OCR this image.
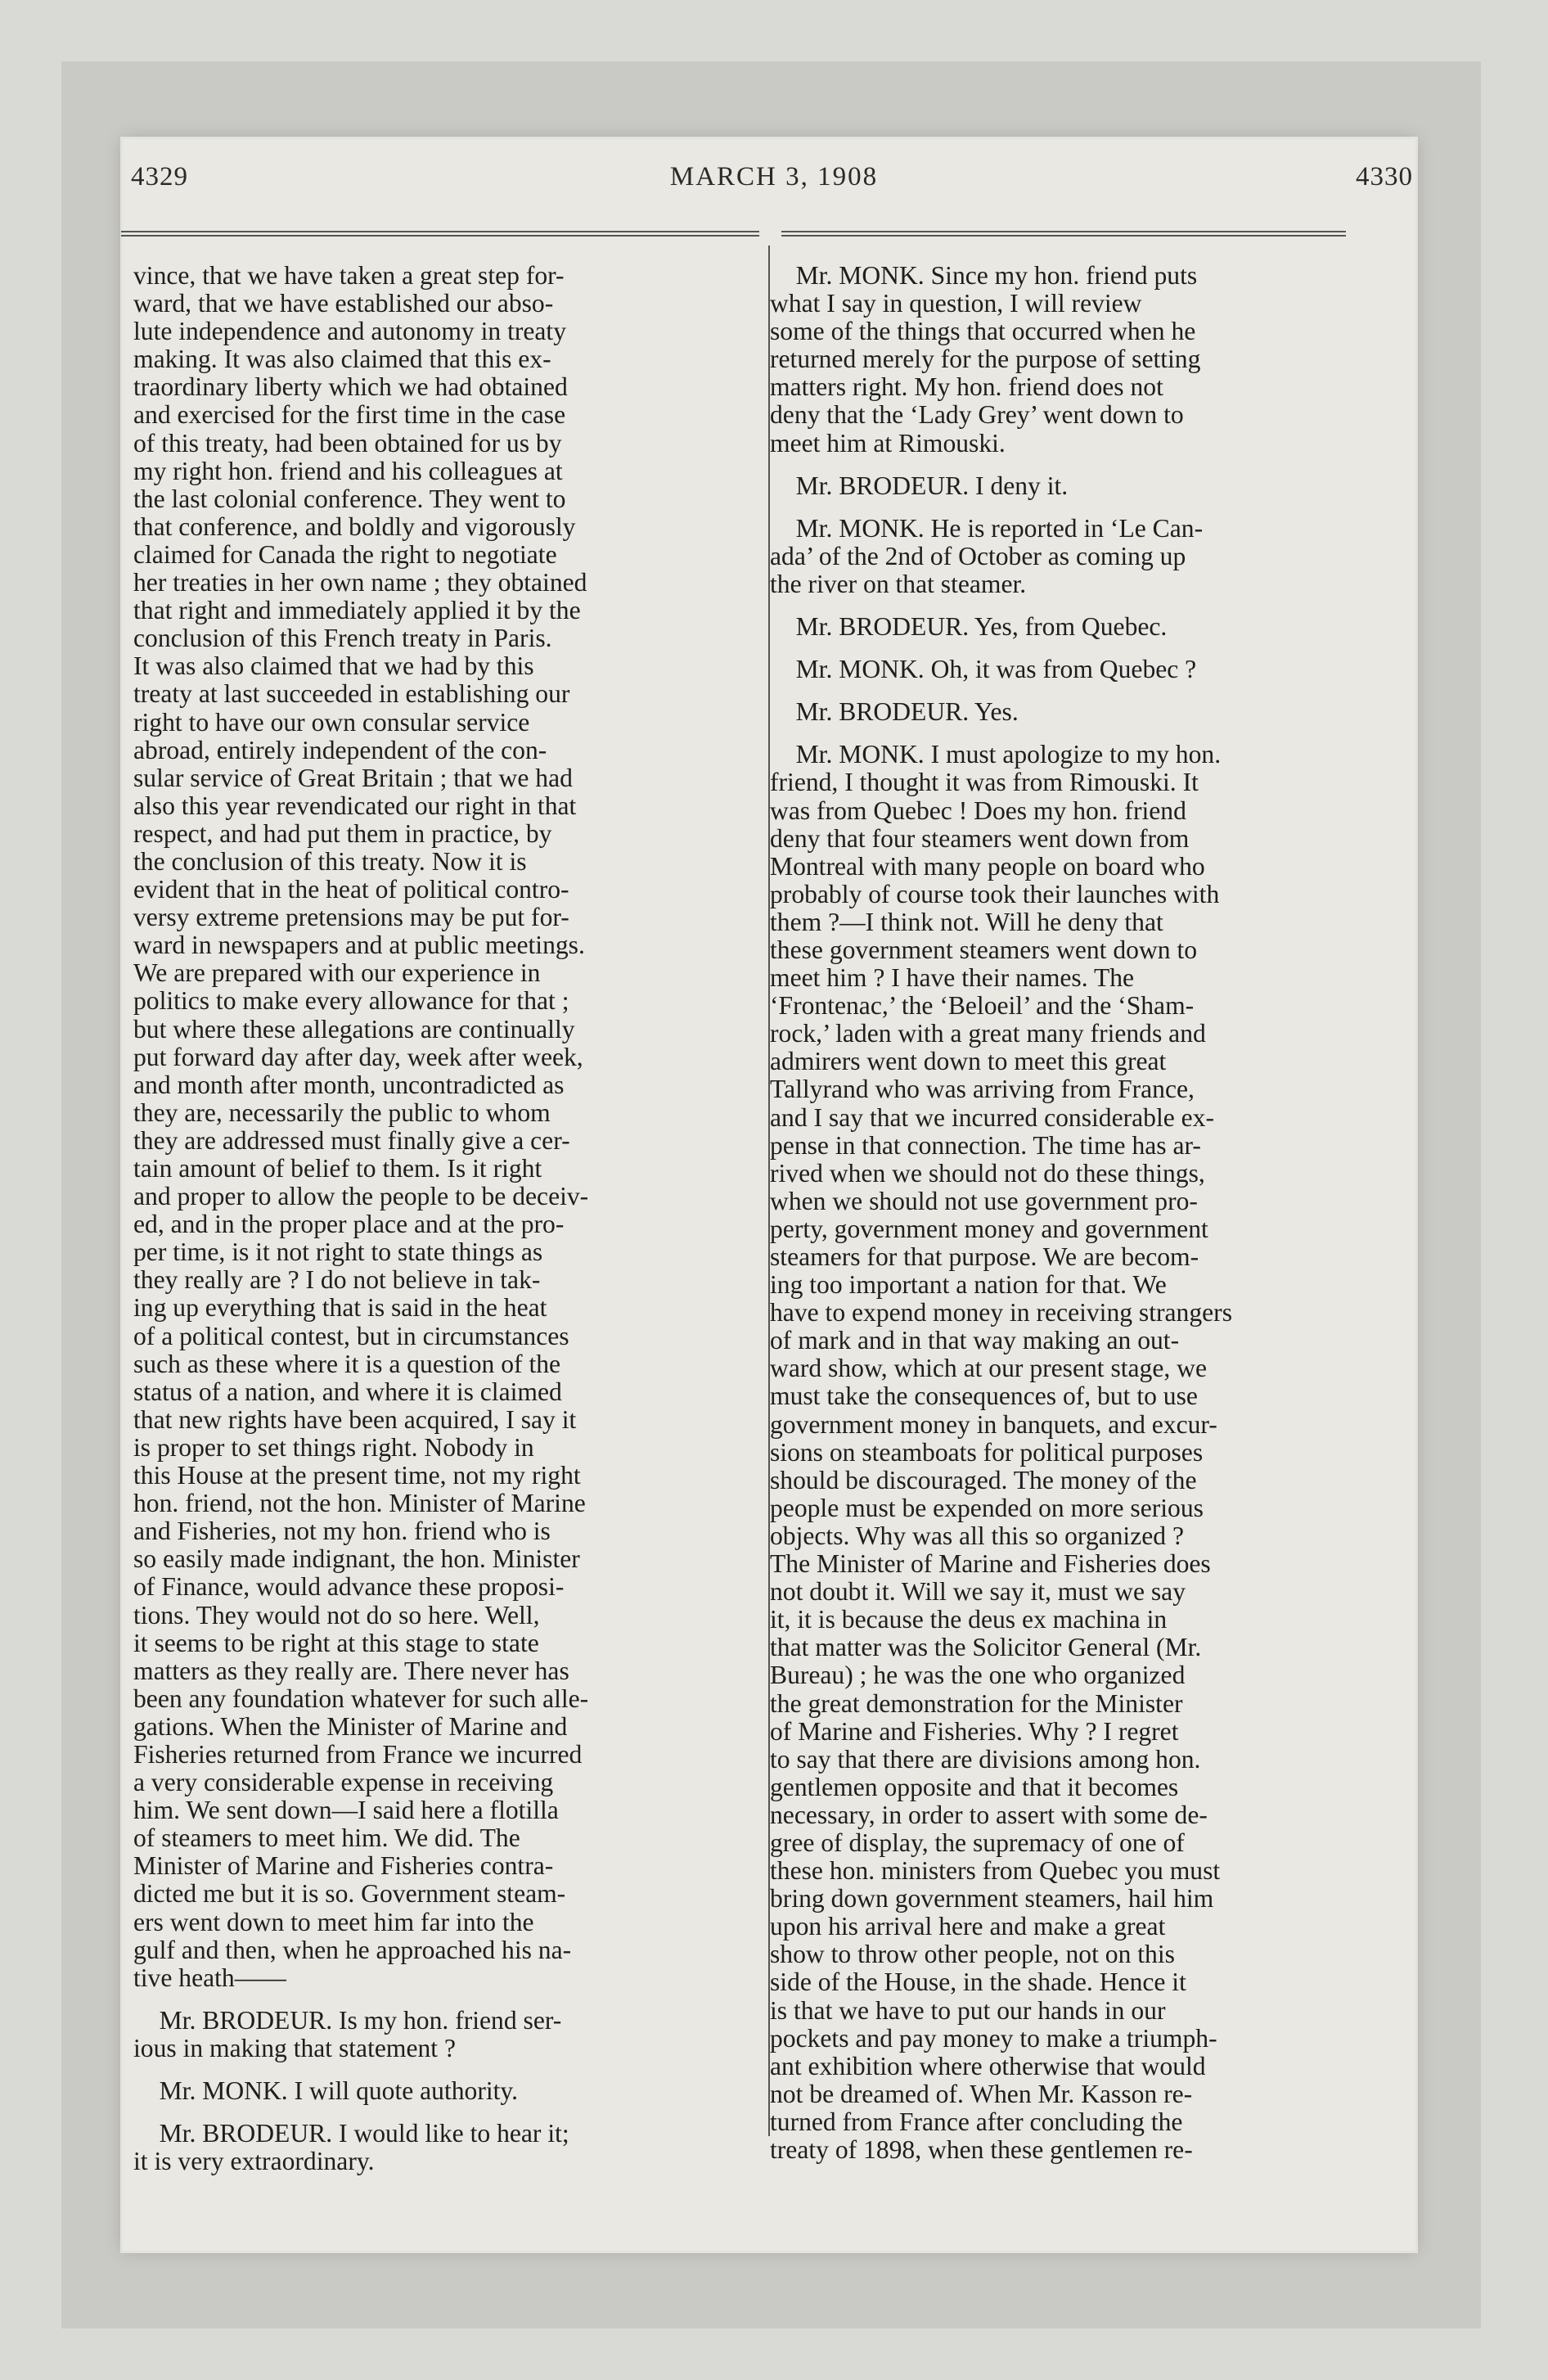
4329	MARCH 3, 1908	4330
vince, that we have taken a great step for-
ward, that we have established our abso-
lute independence and autonomy in treaty
making. It was also claimed that this ex-
traordinary liberty which we had obtained
and exercised for the first time in the case
of this treaty, had been obtained for us by
my right hon. friend and his colleagues at
the last colonial conference. They went to
that conference, and boldly and vigorously
claimed for Canada the right to negotiate
her treaties in her own name ; they obtained
that right and immediately applied it by the
conclusion of this French treaty in Paris.
It was also claimed that we had by this
treaty at last succeeded in establishing our
right to have our own consular service
abroad, entirely independent of the con-
sular service of Great Britain ; that we had
also this year revendicated our right in that
respect, and had put them in practice, by
the conclusion of this treaty. Now it is
evident that in the heat of political contro-
versy extreme pretensions may be put for-
ward in newspapers and at public meetings.
We are prepared with our experience in
politics to make every allowance for that ;
but where these allegations are continually
put forward day after day, week after week,
and month after month, uncontradicted as
they are, necessarily the public to whom
they are addressed must finally give a cer-
tain amount of belief to them. Is it right
and proper to allow the people to be deceiv-
ed, and in the proper place and at the pro-
per time, is it not right to state things as
they really are ? I do not believe in tak-
ing up everything that is said in the heat
of a political contest, but in circumstances
such as these where it is a question of the
status of a nation, and where it is claimed
that new rights have been acquired, I say it
is proper to set things right. Nobody in
this House at the present time, not my right
hon. friend, not the hon. Minister of Marine
and Fisheries, not my hon. friend who is
so easily made indignant, the hon. Minister
of Finance, would advance these proposi-
tions. They would not do so here. Well,
it seems to be right at this stage to state
matters as they really are. There never has
been any foundation whatever for such alle-
gations. When the Minister of Marine and
Fisheries returned from France we incurred
a very considerable expense in receiving
him. We sent down—I said here a flotilla
of steamers to meet him. We did. The
Minister of Marine and Fisheries contra-
dicted me but it is so. Government steam-
ers went down to meet him far into the
gulf and then, when he approached his na-
tive heath——
Mr. BRODEUR. Is my hon. friend ser-
ious in making that statement ?
Mr. MONK. I will quote authority.
Mr. BRODEUR. I would like to hear it;
it is very extraordinary.
Mr. MONK. Since my hon. friend puts
what I say in question, I will review
some of the things that occurred when he
returned merely for the purpose of setting
matters right. My hon. friend does not
deny that the ‘Lady Grey’ went down to
meet him at Rimouski.
Mr. BRODEUR. I deny it.
Mr. MONK. He is reported in ‘Le Can-
ada’ of the 2nd of October as coming up
the river on that steamer.
Mr. BRODEUR. Yes, from Quebec.
Mr. MONK. Oh, it was from Quebec ?
Mr. BRODEUR. Yes.
Mr. MONK. I must apologize to my hon.
friend, I thought it was from Rimouski. It
was from Quebec ! Does my hon. friend
deny that four steamers went down from
Montreal with many people on board who
probably of course took their launches with
them ?—I think not. Will he deny that
these government steamers went down to
meet him ? I have their names. The
‘Frontenac,’ the ‘Beloeil’ and the ‘Sham-
rock,’ laden with a great many friends and
admirers went down to meet this great
Tallyrand who was arriving from France,
and I say that we incurred considerable ex-
pense in that connection. The time has ar-
rived when we should not do these things,
when we should not use government pro-
perty, government money and government
steamers for that purpose. We are becom-
ing too important a nation for that. We
have to expend money in receiving strangers
of mark and in that way making an out-
ward show, which at our present stage, we
must take the consequences of, but to use
government money in banquets, and excur-
sions on steamboats for political purposes
should be discouraged. The money of the
people must be expended on more serious
objects. Why was all this so organized ?
The Minister of Marine and Fisheries does
not doubt it. Will we say it, must we say
it, it is because the deus ex machina in
that matter was the Solicitor General (Mr.
Bureau) ; he was the one who organized
the great demonstration for the Minister
of Marine and Fisheries. Why ? I regret
to say that there are divisions among hon.
gentlemen opposite and that it becomes
necessary, in order to assert with some de-
gree of display, the supremacy of one of
these hon. ministers from Quebec you must
bring down government steamers, hail him
upon his arrival here and make a great
show to throw other people, not on this
side of the House, in the shade. Hence it
is that we have to put our hands in our
pockets and pay money to make a triumph-
ant exhibition where otherwise that would
not be dreamed of. When Mr. Kasson re-
turned from France after concluding the
treaty of 1898, when these gentlemen re-
